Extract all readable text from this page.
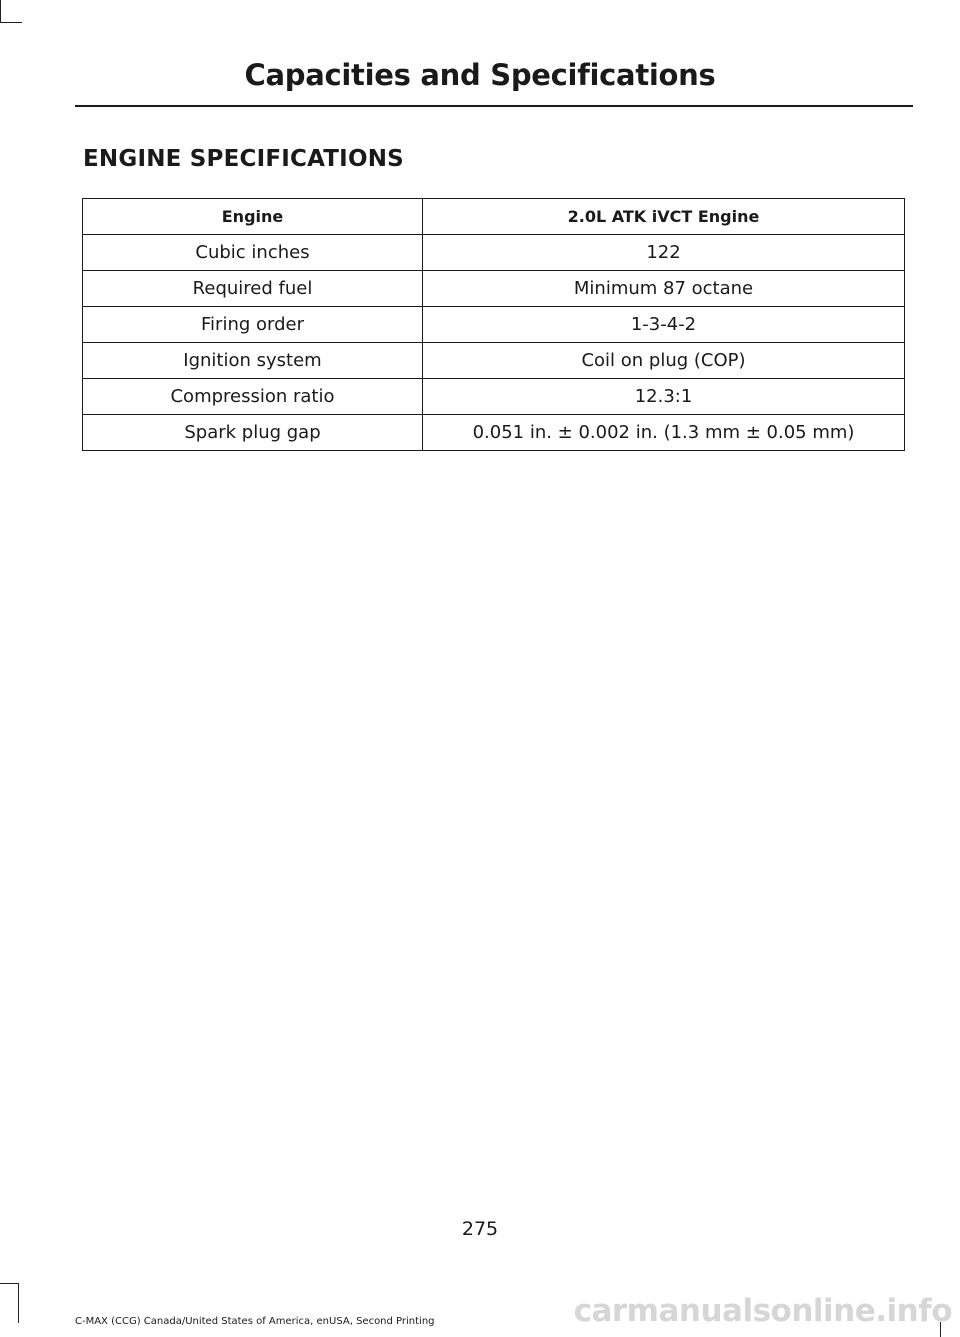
Capacities and Specifications
ENGINE SPECIFICATIONS
Engine	2.0L ATK iVCT Engine
Cubic inches	122
Required fuel	Minimum 87 octane
Firing order	1-3-4-2
Ignition system	Coil on plug (COP)
Compression ratio	12.3:1
Spark plug gap	0.051 in. ± 0.002 in. (1.3 mm ± 0.05 mm)
275
C-MAX (CCG) Canada/United States of America, enUSA, Second Printing	carmanualsonline.info
